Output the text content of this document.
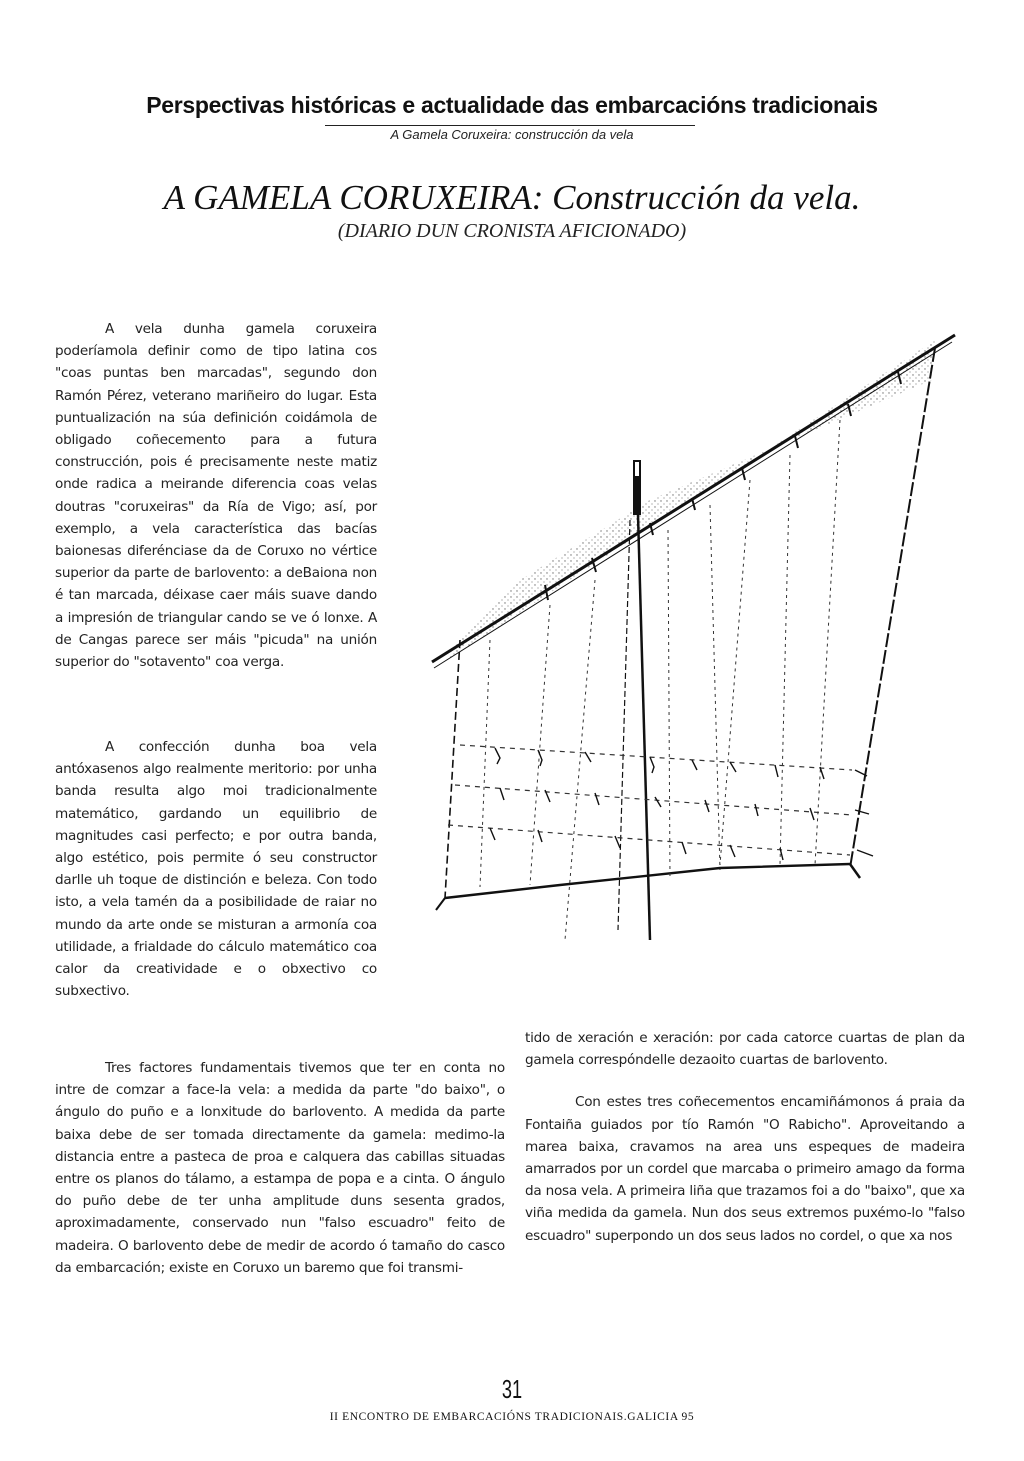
Perspectivas históricas e actualidade das embarcacións tradicionais
A Gamela Coruxeira: construcción da vela
A GAMELA CORUXEIRA: Construcción da vela.
(DIARIO DUN CRONISTA AFICIONADO)

A vela dunha gamela coruxeira poderíamola definir como de tipo latina cos "coas puntas ben marcadas", segundo don Ramón Pérez, veterano mariñeiro do lugar. Esta puntualización na súa definición coidámola de obligado coñecemento para a futura construcción, pois é precisamente neste matiz onde radica a meirande diferencia coas velas doutras "coruxeiras" da Ría de Vigo; así, por exemplo, a vela característica das bacías baionesas diferénciase da de Coruxo no vértice superior da parte de barlovento: a deBaiona non é tan marcada, déixase caer máis suave dando a impresión de triangular cando se ve ó lonxe. A de Cangas parece ser máis "picuda" na unión superior do "sotavento" coa verga.

A confección dunha boa vela antóxasenos algo realmente meritorio: por unha banda resulta algo moi tradicionalmente matemático, gardando un equilibrio de magnitudes casi perfecto; e por outra banda, algo estético, pois permite ó seu constructor darlle uh toque de distinción e beleza. Con todo isto, a vela tamén da a posibilidade de raiar no mundo da arte onde se misturan a armonía coa utilidade, a frialdade do cálculo matemático coa calor da creatividade e o obxectivo co subxectivo.

Tres factores fundamentais tivemos que ter en conta no intre de comzar a face-la vela: a medida da parte "do baixo", o ángulo do puño e a lonxitude do barlovento. A medida da parte baixa debe de ser tomada directamente da gamela: medimo-la distancia entre a pasteca de proa e calquera das cabillas situadas entre os planos do tálamo, a estampa de popa e a cinta. O ángulo do puño debe de ter unha amplitude duns sesenta grados, aproximadamente, conservado nun "falso escuadro" feito de madeira. O barlovento debe de medir de acordo ó tamaño do casco da embarcación; existe en Coruxo un baremo que foi transmi-

tido de xeración e xeración: por cada catorce cuartas de plan da gamela correspóndelle dezaoito cuartas de barlovento.

Con estes tres coñecementos encamiñámonos á praia da Fontaiña guiados por tío Ramón "O Rabicho". Aproveitando a marea baixa, cravamos na area uns espeques de madeira amarrados por un cordel que marcaba o primeiro amago da forma da nosa vela. A primeira liña que trazamos foi a do "baixo", que xa viña medida da gamela. Nun dos seus extremos puxémo-lo "falso escuadro" superpondo un dos seus lados no cordel, o que xa nos

31
II ENCONTRO DE EMBARCACIÓNS TRADICIONAIS.GALICIA 95
